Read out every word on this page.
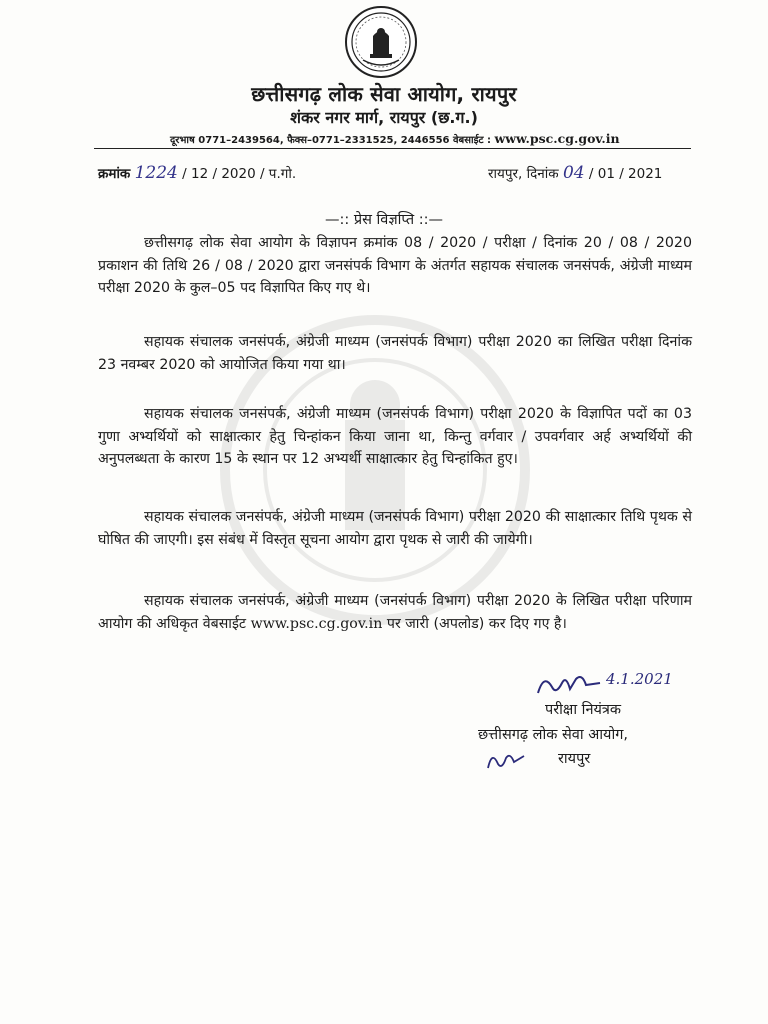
छत्तीसगढ़ लोक सेवा आयोग, रायपुर
शंकर नगर मार्ग, रायपुर (छ.ग.)
दूरभाष 0771–2439564, फैक्स–0771–2331525, 2446556 वेबसाईट : www.psc.cg.gov.in
क्रमांक 1224 / 12 / 2020 / प.गो.	रायपुर, दिनांक 04 / 01 / 2021
—:: प्रेस विज्ञप्ति ::—

छत्तीसगढ़ लोक सेवा आयोग के विज्ञापन क्रमांक 08 / 2020 / परीक्षा / दिनांक 20 / 08 / 2020 प्रकाशन की तिथि 26 / 08 / 2020 द्वारा जनसंपर्क विभाग के अंतर्गत सहायक संचालक जनसंपर्क, अंग्रेजी माध्यम परीक्षा 2020 के कुल–05 पद विज्ञापित किए गए थे।

सहायक संचालक जनसंपर्क, अंग्रेजी माध्यम (जनसंपर्क विभाग) परीक्षा 2020 का लिखित परीक्षा दिनांक 23 नवम्बर 2020 को आयोजित किया गया था।

सहायक संचालक जनसंपर्क, अंग्रेजी माध्यम (जनसंपर्क विभाग) परीक्षा 2020 के विज्ञापित पदों का 03 गुणा अभ्यर्थियों को साक्षात्कार हेतु चिन्हांकन किया जाना था, किन्तु वर्गवार / उपवर्गवार अर्ह अभ्यर्थियों की अनुपलब्धता के कारण 15 के स्थान पर 12 अभ्यर्थी साक्षात्कार हेतु चिन्हांकित हुए।

सहायक संचालक जनसंपर्क, अंग्रेजी माध्यम (जनसंपर्क विभाग) परीक्षा 2020 की साक्षात्कार तिथि पृथक से घोषित की जाएगी। इस संबंध में विस्तृत सूचना आयोग द्वारा पृथक से जारी की जायेगी।

सहायक संचालक जनसंपर्क, अंग्रेजी माध्यम (जनसंपर्क विभाग) परीक्षा 2020 के लिखित परीक्षा परिणाम आयोग की अधिकृत वेबसाईट www.psc.cg.gov.in पर जारी (अपलोड) कर दिए गए है।

4.1.2021
परीक्षा नियंत्रक
छत्तीसगढ़ लोक सेवा आयोग,
रायपुर
